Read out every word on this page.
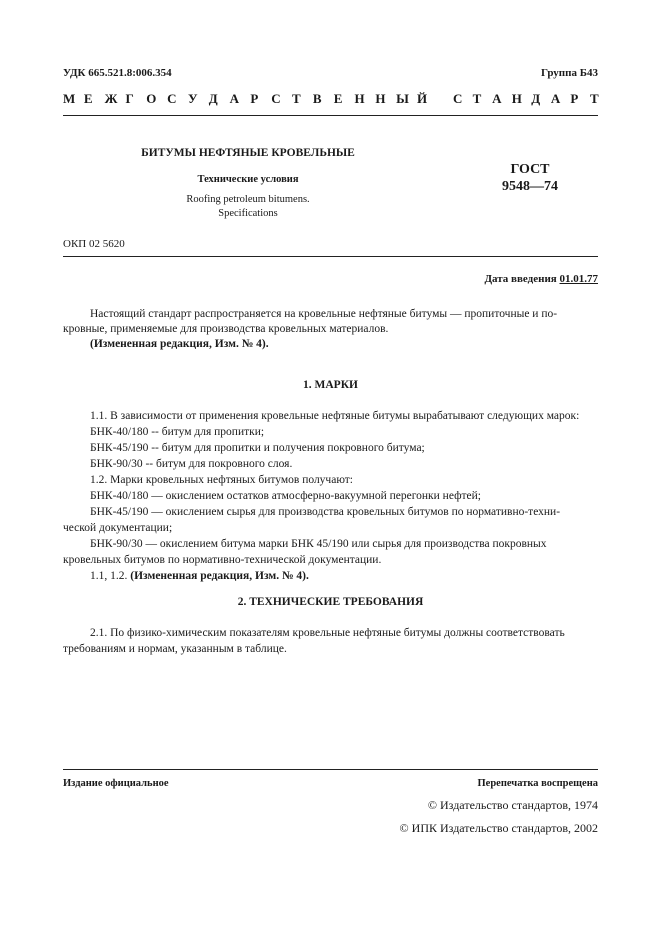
УДК 665.521.8:006.354	Группа Б43
М Е Ж Г О С У Д А Р С Т В Е Н Н Ы Й С Т А Н Д А Р Т
БИТУМЫ НЕФТЯНЫЕ КРОВЕЛЬНЫЕ
Технические условия
Roofing petroleum bitumens.
Specifications
ГОСТ
9548—74
ОКП 02 5620
Дата введения 01.01.77
Настоящий стандарт распространяется на кровельные нефтяные битумы — пропиточные и по-
кровные, применяемые для производства кровельных материалов.
(Измененная редакция, Изм. № 4).
1. МАРКИ
1.1. В зависимости от применения кровельные нефтяные битумы вырабатывают следующих марок:
БНК-40/180 -- битум для пропитки;
БНК-45/190 -- битум для пропитки и получения покровного битума;
БНК-90/30 -- битум для покровного слоя.
1.2. Марки кровельных нефтяных битумов получают:
БНК-40/180 — окислением остатков атмосферно-вакуумной перегонки нефтей;
БНК-45/190 — окислением сырья для производства кровельных битумов по нормативно-техни-
ческой документации;
БНК-90/30 — окислением битума марки БНК 45/190 или сырья для производства покровных
кровельных битумов по нормативно-технической документации.
1.1, 1.2. (Измененная редакция, Изм. № 4).
2. ТЕХНИЧЕСКИЕ ТРЕБОВАНИЯ
2.1. По физико-химическим показателям кровельные нефтяные битумы должны соответствовать
требованиям и нормам, указанным в таблице.
Издание официальное	Перепечатка воспрещена
© Издательство стандартов, 1974
© ИПК Издательство стандартов, 2002
